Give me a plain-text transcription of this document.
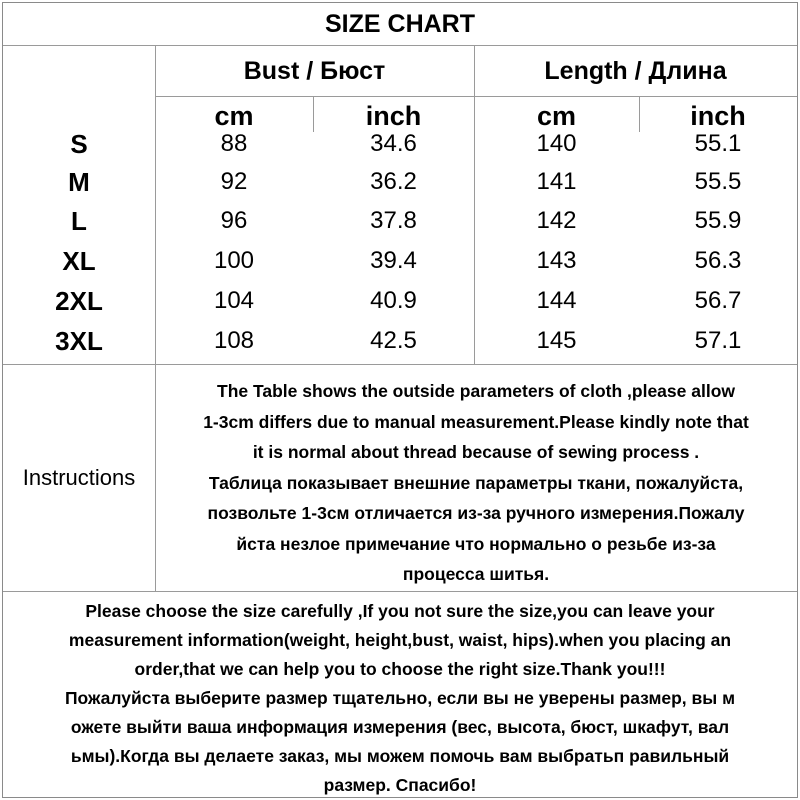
SIZE CHART
Bust / Бюст	Length / Длина
cm	inch	cm	inch
S	88	34.6	140	55.1
M	92	36.2	141	55.5
L	96	37.8	142	55.9
XL	100	39.4	143	56.3
2XL	104	40.9	144	56.7
3XL	108	42.5	145	57.1
Instructions
The Table shows the outside parameters of cloth ,please allow
1-3cm differs due to manual measurement.Please kindly note that
it is normal about thread because of sewing process .
Таблица показывает внешние параметры ткани, пожалуйста,
позвольте 1-3см отличается из-за ручного измерения.Пожалу
йста незлое примечание что нормально о резьбе из-за
процесса шитья.
Please choose the size carefully ,If you not sure the size,you can leave your
measurement information(weight, height,bust, waist, hips).when you placing an
order,that we can help you to choose the right size.Thank you!!!
Пожалуйста выберите размер тщательно, если вы не уверены размер, вы м
ожете выйти ваша информация измерения (вес, высота, бюст, шкафут, вал
ьмы).Когда вы делаете заказ, мы можем помочь вам выбратьп равильный
размер. Спасибо!
